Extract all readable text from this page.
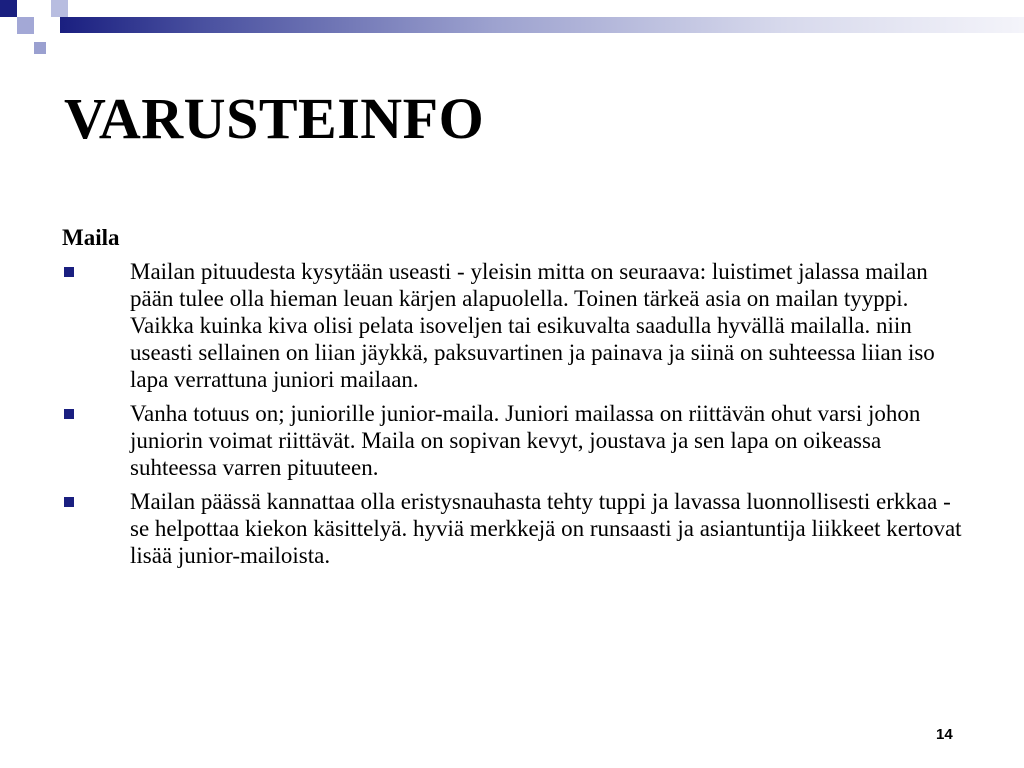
VARUSTEINFO
Maila
Mailan pituudesta kysytään useasti - yleisin mitta on seuraava: luistimet jalassa mailan pään tulee olla hieman leuan kärjen alapuolella. Toinen tärkeä asia on mailan tyyppi. Vaikka kuinka kiva olisi pelata isoveljen tai esikuvalta saadulla hyvällä mailalla. niin useasti sellainen on liian jäykkä, paksuvartinen ja painava ja siinä on suhteessa liian iso lapa verrattuna juniori mailaan.
Vanha totuus on; juniorille junior-maila. Juniori mailassa on riittävän ohut varsi johon juniorin voimat riittävät. Maila on sopivan kevyt, joustava ja sen lapa on oikeassa suhteessa varren pituuteen.
Mailan päässä kannattaa olla eristysnauhasta tehty tuppi ja lavassa luonnollisesti erkkaa - se helpottaa kiekon käsittelyä. hyviä merkkejä on runsaasti ja asiantuntija liikkeet kertovat lisää junior-mailoista.
14
